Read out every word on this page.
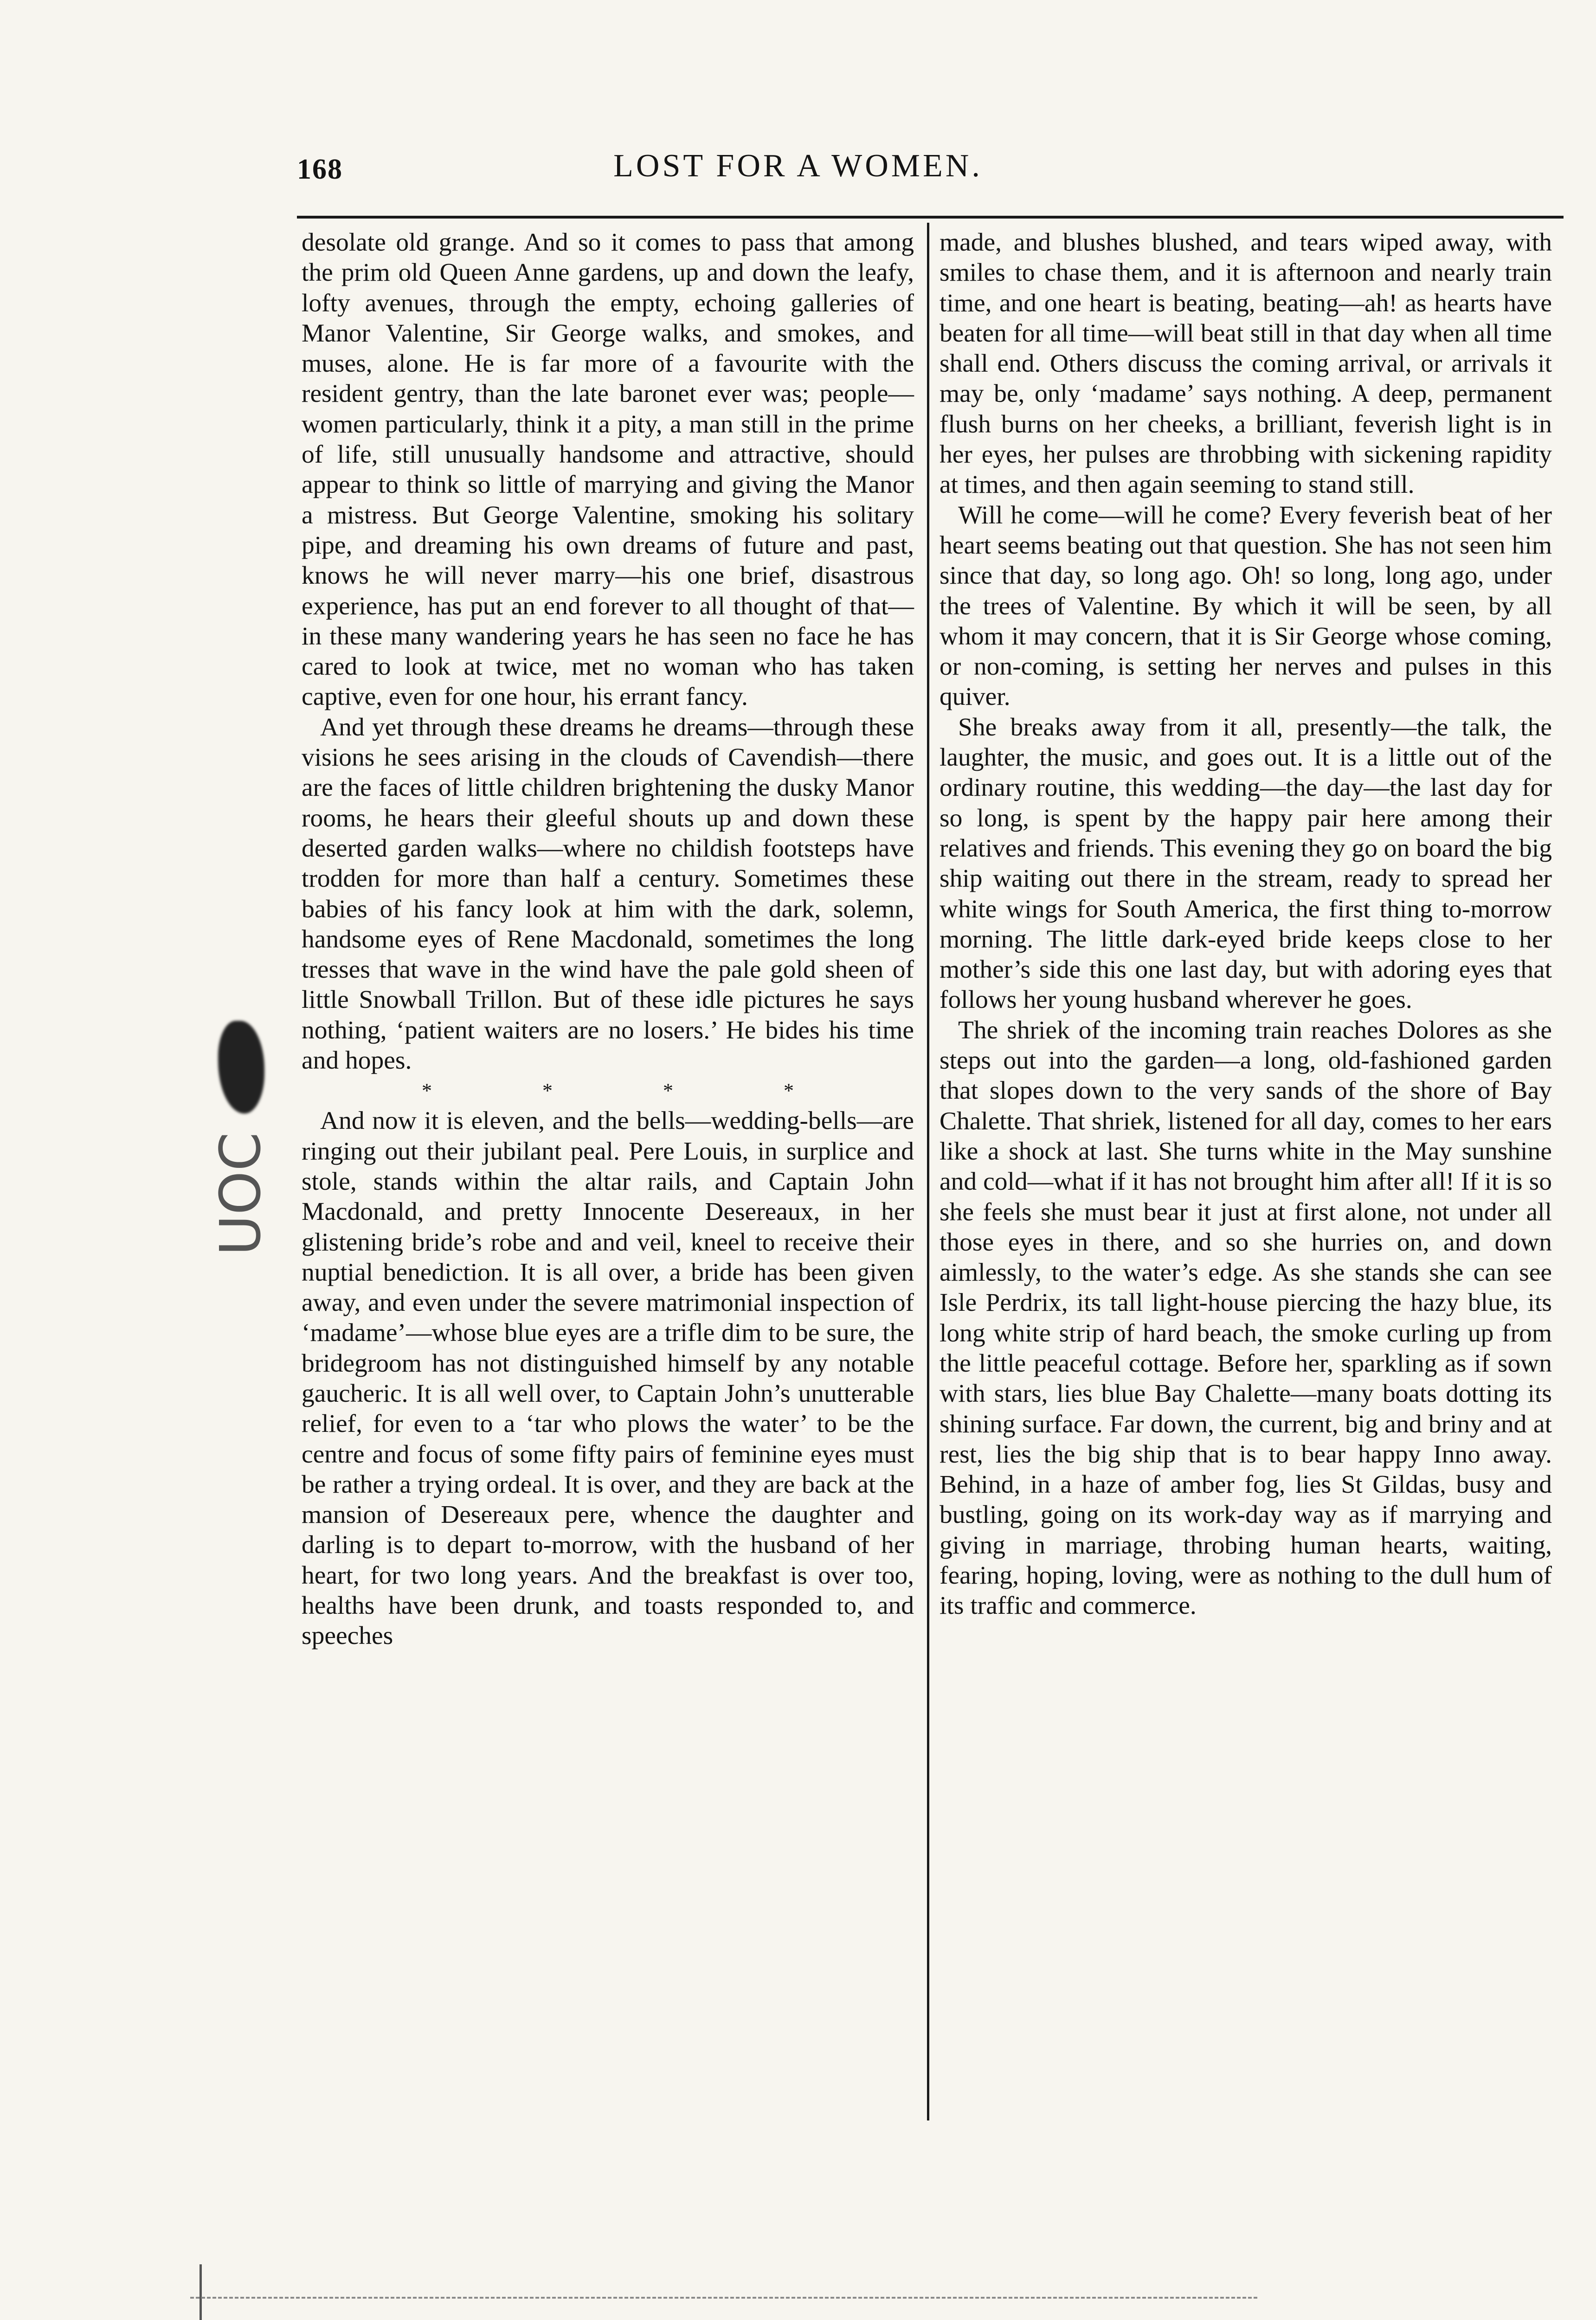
168	LOST FOR A WOMEN.

desolate old grange. And so it comes to pass that among the prim old Queen Anne gardens, up and down the leafy, lofty avenues, through the empty, echoing galleries of Manor Valentine, Sir George walks, and smokes, and muses, alone. He is far more of a favourite with the resident gentry, than the late baronet ever was; people—women particularly, think it a pity, a man still in the prime of life, still unusually handsome and attractive, should appear to think so little of marrying and giving the Manor a mistress. But George Valentine, smoking his solitary pipe, and dreaming his own dreams of future and past, knows he will never marry—his one brief, disastrous experience, has put an end forever to all thought of that—in these many wandering years he has seen no face he has cared to look at twice, met no woman who has taken captive, even for one hour, his errant fancy.

And yet through these dreams he dreams—through these visions he sees arising in the clouds of Cavendish—there are the faces of little children brightening the dusky Manor rooms, he hears their gleeful shouts up and down these deserted garden walks—where no childish footsteps have trodden for more than half a century. Sometimes these babies of his fancy look at him with the dark, solemn, handsome eyes of Rene Macdonald, sometimes the long tresses that wave in the wind have the pale gold sheen of little Snowball Trillon. But of these idle pictures he says nothing, ‘patient waiters are no losers.’ He bides his time and hopes.

*	*	*	*

And now it is eleven, and the bells—wedding-bells—are ringing out their jubilant peal. Pere Louis, in surplice and stole, stands within the altar rails, and Captain John Macdonald, and pretty Innocente Desereaux, in her glistening bride’s robe and and veil, kneel to receive their nuptial benediction. It is all over, a bride has been given away, and even under the severe matrimonial inspection of ‘madame’—whose blue eyes are a trifle dim to be sure, the bridegroom has not distinguished himself by any notable gaucheric. It is all well over, to Captain John’s unutterable relief, for even to a ‘tar who plows the water’ to be the centre and focus of some fifty pairs of feminine eyes must be rather a trying ordeal. It is over, and they are back at the mansion of Desereaux pere, whence the daughter and darling is to depart to-morrow, with the husband of her heart, for two long years. And the breakfast is over too, healths have been drunk, and toasts responded to, and speeches

made, and blushes blushed, and tears wiped away, with smiles to chase them, and it is afternoon and nearly train time, and one heart is beating, beating—ah! as hearts have beaten for all time—will beat still in that day when all time shall end. Others discuss the coming arrival, or arrivals it may be, only ‘madame’ says nothing. A deep, permanent flush burns on her cheeks, a brilliant, feverish light is in her eyes, her pulses are throbbing with sickening rapidity at times, and then again seeming to stand still.

Will he come—will he come? Every feverish beat of her heart seems beating out that question. She has not seen him since that day, so long ago. Oh! so long, long ago, under the trees of Valentine. By which it will be seen, by all whom it may concern, that it is Sir George whose coming, or non-coming, is setting her nerves and pulses in this quiver.

She breaks away from it all, presently—the talk, the laughter, the music, and goes out. It is a little out of the ordinary routine, this wedding—the day—the last day for so long, is spent by the happy pair here among their relatives and friends. This evening they go on board the big ship waiting out there in the stream, ready to spread her white wings for South America, the first thing to-morrow morning. The little dark-eyed bride keeps close to her mother’s side this one last day, but with adoring eyes that follows her young husband wherever he goes.

The shriek of the incoming train reaches Dolores as she steps out into the garden—a long, old-fashioned garden that slopes down to the very sands of the shore of Bay Chalette. That shriek, listened for all day, comes to her ears like a shock at last. She turns white in the May sunshine and cold—what if it has not brought him after all! If it is so she feels she must bear it just at first alone, not under all those eyes in there, and so she hurries on, and down aimlessly, to the water’s edge. As she stands she can see Isle Perdrix, its tall light-house piercing the hazy blue, its long white strip of hard beach, the smoke curling up from the little peaceful cottage. Before her, sparkling as if sown with stars, lies blue Bay Chalette—many boats dotting its shining surface. Far down, the current, big and briny and at rest, lies the big ship that is to bear happy Inno away. Behind, in a haze of amber fog, lies St Gildas, busy and bustling, going on its work-day way as if marrying and giving in marriage, throbing human hearts, waiting, fearing, hoping, loving, were as nothing to the dull hum of its traffic and commerce.

UOC
